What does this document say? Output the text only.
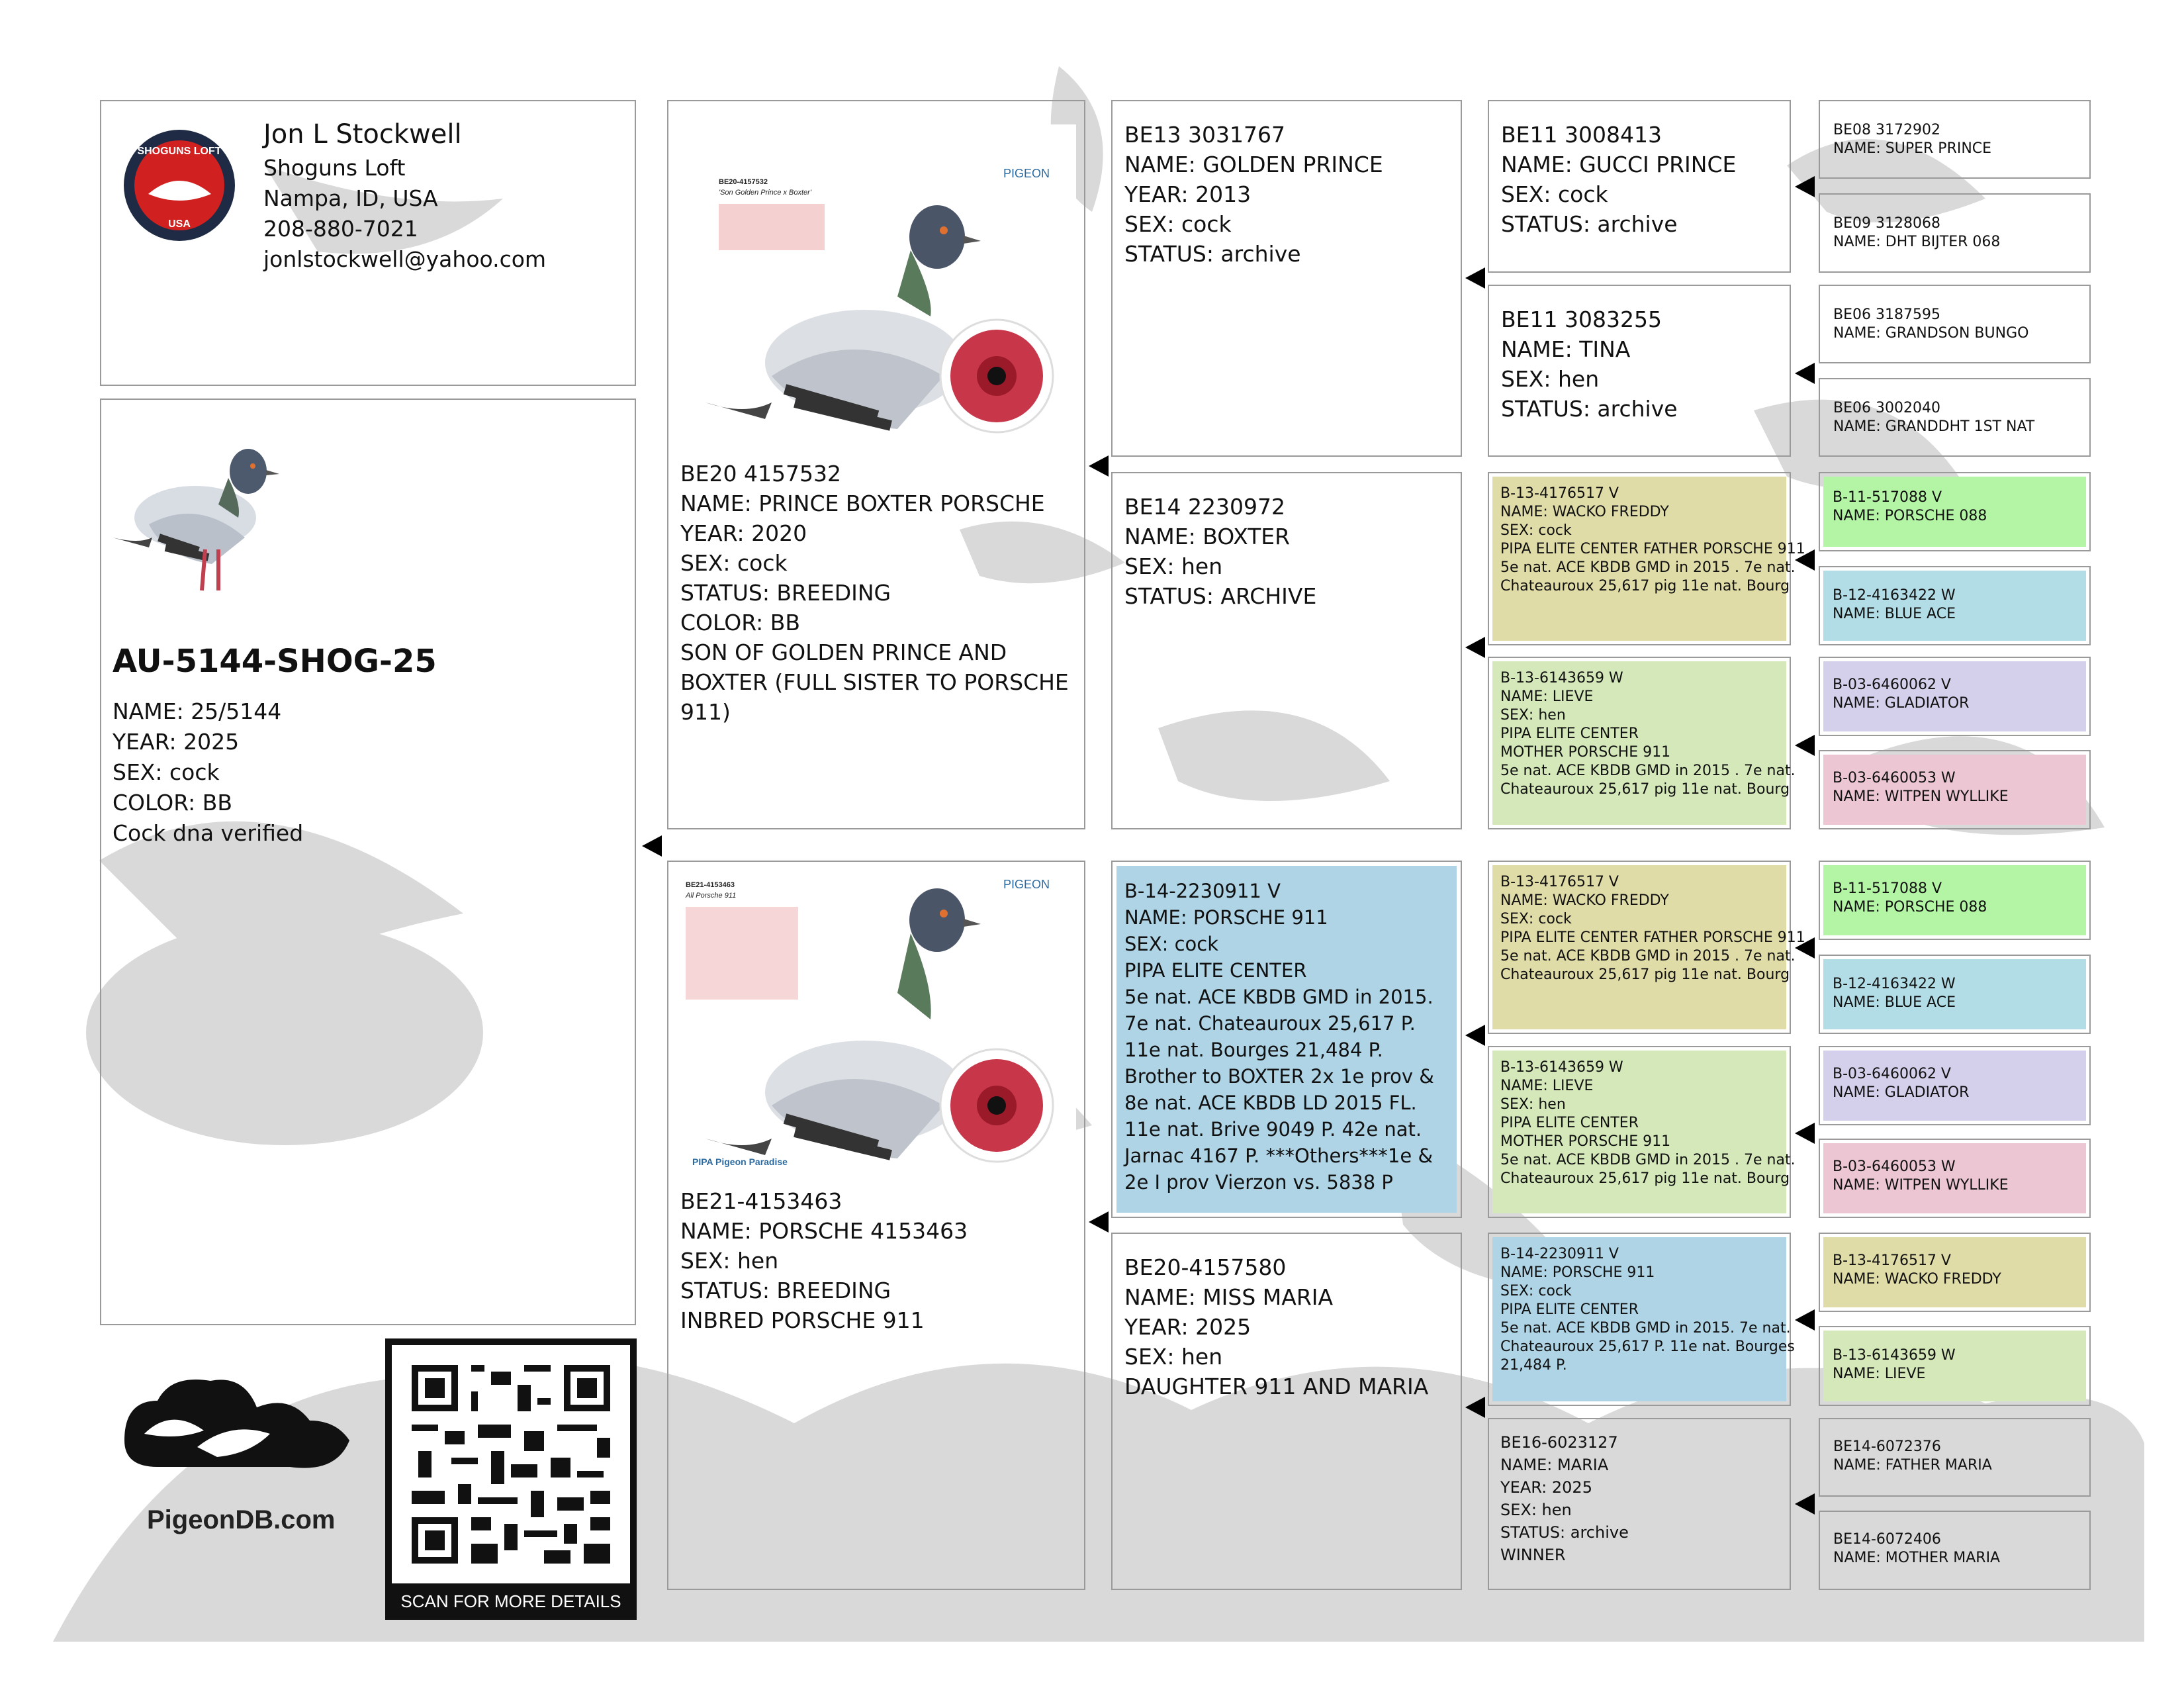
SHOGUNS LOFT
USA
Jon L Stockwell
Shoguns Loft
Nampa, ID, USA
208-880-7021
jonlstockwell@yahoo.com
AU-5144-SHOG-25
NAME: 25/5144
YEAR: 2025
SEX: cock
COLOR: BB
Cock dna verified
BE20-4157532
'Son Golden Prince x Boxter'
PIGEON
BE20 4157532
NAME: PRINCE BOXTER PORSCHE
YEAR: 2020
SEX: cock
STATUS: BREEDING
COLOR: BB
SON OF GOLDEN PRINCE AND BOXTER (FULL SISTER TO PORSCHE 911)
BE21-4153463
All Porsche 911
PIGEON
PIPA Pigeon Paradise
BE21-4153463
NAME: PORSCHE 4153463
SEX: hen
STATUS: BREEDING
INBRED PORSCHE 911
BE13 3031767
NAME: GOLDEN PRINCE
YEAR: 2013
SEX: cock
STATUS: archive
BE14 2230972
NAME: BOXTER
SEX: hen
STATUS: ARCHIVE
B-14-2230911 V
NAME: PORSCHE 911
SEX: cock
PIPA ELITE CENTER
5e nat. ACE KBDB GMD in 2015. 7e nat. Chateauroux 25,617 P. 11e nat. Bourges 21,484 P.
Brother to BOXTER 2x 1e prov & 8e nat. ACE KBDB LD 2015 FL. 11e nat. Brive 9049 P. 42e nat. Jarnac 4167 P. ***Others***1e & 2e I prov Vierzon vs. 5838 P
BE20-4157580
NAME: MISS MARIA
YEAR: 2025
SEX: hen
DAUGHTER 911 AND MARIA
BE11 3008413
NAME: GUCCI PRINCE
SEX: cock
STATUS: archive
BE11 3083255
NAME: TINA
SEX: hen
STATUS: archive
B-13-4176517 V
NAME: WACKO FREDDY
SEX: cock
PIPA ELITE CENTER FATHER PORSCHE 911
5e nat. ACE KBDB GMD in 2015 . 7e nat.
Chateauroux 25,617 pig 11e nat. Bourg
B-13-6143659 W
NAME: LIEVE
SEX: hen
PIPA ELITE CENTER
MOTHER PORSCHE 911
5e nat. ACE KBDB GMD in 2015 . 7e nat.
Chateauroux 25,617 pig 11e nat. Bourg
B-13-4176517 V
NAME: WACKO FREDDY
SEX: cock
PIPA ELITE CENTER FATHER PORSCHE 911
5e nat. ACE KBDB GMD in 2015 . 7e nat.
Chateauroux 25,617 pig 11e nat. Bourg
B-13-6143659 W
NAME: LIEVE
SEX: hen
PIPA ELITE CENTER
MOTHER PORSCHE 911
5e nat. ACE KBDB GMD in 2015 . 7e nat.
Chateauroux 25,617 pig 11e nat. Bourg
B-14-2230911 V
NAME: PORSCHE 911
SEX: cock
PIPA ELITE CENTER
5e nat. ACE KBDB GMD in 2015. 7e nat.
Chateauroux 25,617 P. 11e nat. Bourges
21,484 P.
BE16-6023127
NAME: MARIA
YEAR: 2025
SEX: hen
STATUS: archive
WINNER
BE08 3172902
NAME: SUPER PRINCE
BE09 3128068
NAME: DHT BIJTER 068
BE06 3187595
NAME: GRANDSON BUNGO
BE06 3002040
NAME: GRANDDHT 1ST NAT
B-11-517088 V
NAME: PORSCHE 088
B-12-4163422 W
NAME: BLUE ACE
B-03-6460062 V
NAME: GLADIATOR
B-03-6460053 W
NAME: WITPEN WYLLIKE
B-11-517088 V
NAME: PORSCHE 088
B-12-4163422 W
NAME: BLUE ACE
B-03-6460062 V
NAME: GLADIATOR
B-03-6460053 W
NAME: WITPEN WYLLIKE
B-13-4176517 V
NAME: WACKO FREDDY
B-13-6143659 W
NAME: LIEVE
BE14-6072376
NAME: FATHER MARIA
BE14-6072406
NAME: MOTHER MARIA
PigeonDB.com
SCAN FOR MORE DETAILS
